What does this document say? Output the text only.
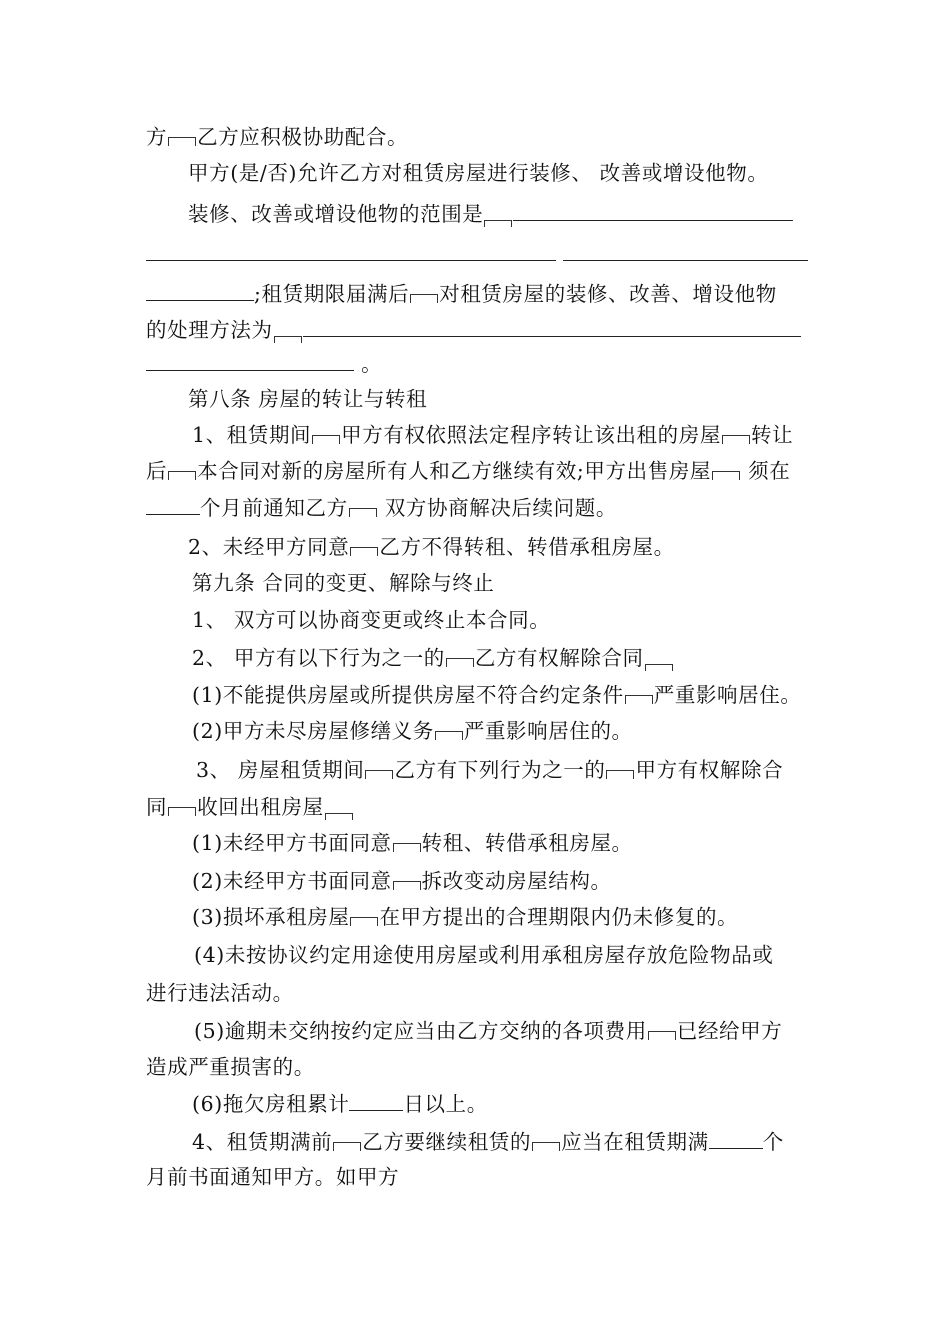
方 乙方应积极协助配合。
甲方(是/否)允许乙方对租赁房屋进行装修、 改善或增设他物。
装修、改善或增设他物的范围是

;租赁期限届满后 对租赁房屋的装修、改善、增设他物
的处理方法为
。
第八条 房屋的转让与转租
1、租赁期间 甲方有权依照法定程序转让该出租的房屋 转让
后 本合同对新的房屋所有人和乙方继续有效;甲方出售房屋 须在
个月前通知乙方 双方协商解决后续问题。
2、未经甲方同意 乙方不得转租、转借承租房屋。
第九条 合同的变更、解除与终止
1、 双方可以协商变更或终止本合同。
2、 甲方有以下行为之一的 乙方有权解除合同
(1)不能提供房屋或所提供房屋不符合约定条件 严重影响居住。
(2)甲方未尽房屋修缮义务 严重影响居住的。
3、 房屋租赁期间 乙方有下列行为之一的 甲方有权解除合
同 收回出租房屋
(1)未经甲方书面同意 转租、转借承租房屋。
(2)未经甲方书面同意 拆改变动房屋结构。
(3)损坏承租房屋 在甲方提出的合理期限内仍未修复的。
(4)未按协议约定用途使用房屋或利用承租房屋存放危险物品或
进行违法活动。
(5)逾期未交纳按约定应当由乙方交纳的各项费用 已经给甲方
造成严重损害的。
(6)拖欠房租累计	日以上。
4、租赁期满前 乙方要继续租赁的 应当在租赁期满	个
月前书面通知甲方。如甲方
